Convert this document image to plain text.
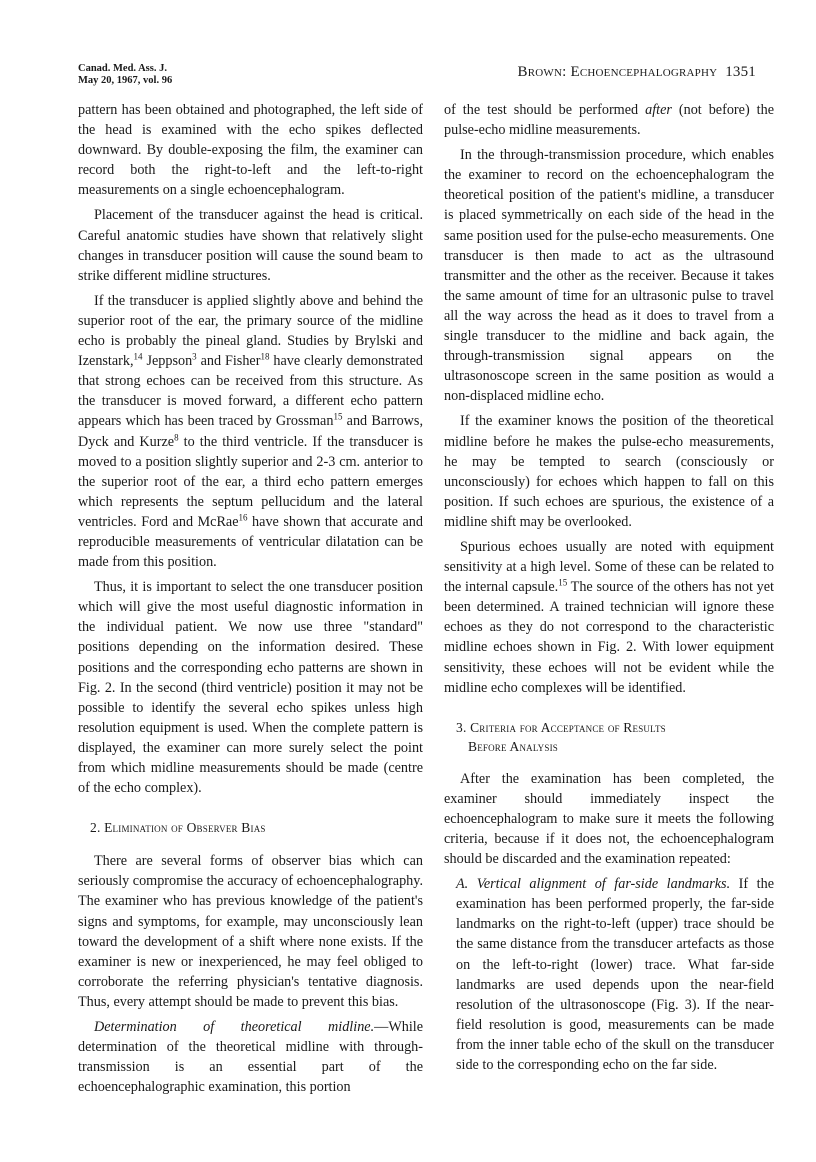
Canad. Med. Ass. J.
May 20, 1967, vol. 96	Brown: Echoencephalography 1351

pattern has been obtained and photographed, the left side of the head is examined with the echo spikes deflected downward. By double-exposing the film, the examiner can record both the right-to-left and the left-to-right measurements on a single echoencephalogram.

Placement of the transducer against the head is critical. Careful anatomic studies have shown that relatively slight changes in transducer position will cause the sound beam to strike different midline structures.

If the transducer is applied slightly above and behind the superior root of the ear, the primary source of the midline echo is probably the pineal gland. Studies by Brylski and Izenstark,$^{14}$ Jeppson$^3$ and Fisher$^{18}$ have clearly demonstrated that strong echoes can be received from this structure. As the transducer is moved forward, a different echo pattern appears which has been traced by Grossman$^{15}$ and Barrows, Dyck and Kurze$^8$ to the third ventricle. If the transducer is moved to a position slightly superior and 2-3 cm. anterior to the superior root of the ear, a third echo pattern emerges which represents the septum pellucidum and the lateral ventricles. Ford and McRae$^{16}$ have shown that accurate and reproducible measurements of ventricular dilatation can be made from this position.

Thus, it is important to select the one transducer position which will give the most useful diagnostic information in the individual patient. We now use three "standard" positions depending on the information desired. These positions and the corresponding echo patterns are shown in Fig. 2. In the second (third ventricle) position it may not be possible to identify the several echo spikes unless high resolution equipment is used. When the complete pattern is displayed, the examiner can more surely select the point from which midline measurements should be made (centre of the echo complex).

2. Elimination of Observer Bias

There are several forms of observer bias which can seriously compromise the accuracy of echoencephalography. The examiner who has previous knowledge of the patient's signs and symptoms, for example, may unconsciously lean toward the development of a shift where none exists. If the examiner is new or inexperienced, he may feel obliged to corroborate the referring physician's tentative diagnosis. Thus, every attempt should be made to prevent this bias.

Determination of theoretical midline.—While determination of the theoretical midline with through-transmission is an essential part of the echoencephalographic examination, this portion

of the test should be performed after (not before) the pulse-echo midline measurements.

In the through-transmission procedure, which enables the examiner to record on the echoencephalogram the theoretical position of the patient's midline, a transducer is placed symmetrically on each side of the head in the same position used for the pulse-echo measurements. One transducer is then made to act as the ultrasound transmitter and the other as the receiver. Because it takes the same amount of time for an ultrasonic pulse to travel all the way across the head as it does to travel from a single transducer to the midline and back again, the through-transmission signal appears on the ultrasonoscope screen in the same position as would a non-displaced midline echo.

If the examiner knows the position of the theoretical midline before he makes the pulse-echo measurements, he may be tempted to search (consciously or unconsciously) for echoes which happen to fall on this position. If such echoes are spurious, the existence of a midline shift may be overlooked.

Spurious echoes usually are noted with equipment sensitivity at a high level. Some of these can be related to the internal capsule.$^{15}$ The source of the others has not yet been determined. A trained technician will ignore these echoes as they do not correspond to the characteristic midline echoes shown in Fig. 2. With lower equipment sensitivity, these echoes will not be evident while the midline echo complexes will be identified.

3. Criteria for Acceptance of Results
Before Analysis

After the examination has been completed, the examiner should immediately inspect the echoencephalogram to make sure it meets the following criteria, because if it does not, the echoencephalogram should be discarded and the examination repeated:

A. Vertical alignment of far-side landmarks. If the examination has been performed properly, the far-side landmarks on the right-to-left (upper) trace should be the same distance from the transducer artefacts as those on the left-to-right (lower) trace. What far-side landmarks are used depends upon the near-field resolution of the ultrasonoscope (Fig. 3). If the near-field resolution is good, measurements can be made from the inner table echo of the skull on the transducer side to the corresponding echo on the far side.
